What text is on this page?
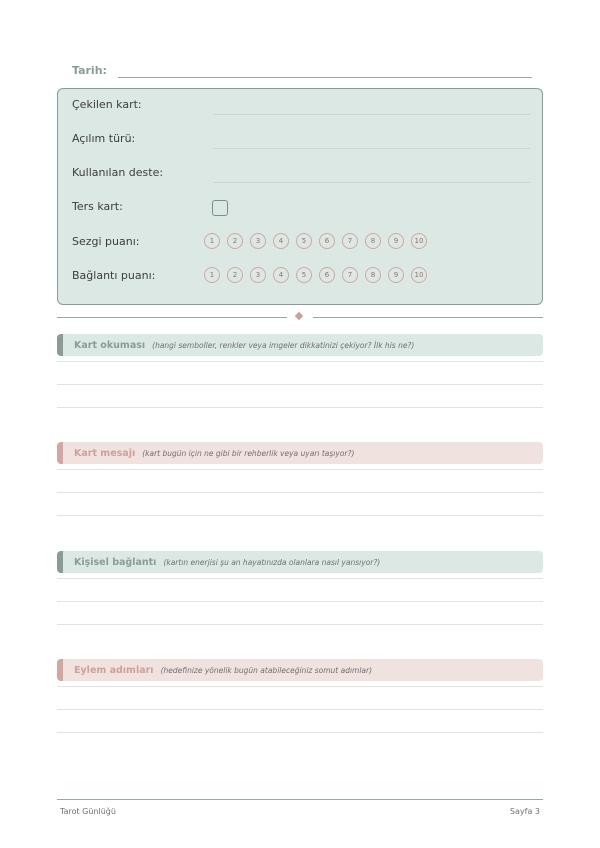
Tarih:
Çekilen kart:
Açılım türü:
Kullanılan deste:
Ters kart:
Sezgi puanı:	1	2	3	4	5	6	7	8	9	10
Bağlantı puanı:	1	2	3	4	5	6	7	8	9	10
Kart okuması (hangi semboller, renkler veya imgeler dikkatinizi çekiyor? İlk his ne?)
Kart mesajı (kart bugün için ne gibi bir rehberlik veya uyarı taşıyor?)
Kişisel bağlantı (kartın enerjisi şu an hayatınızda olanlara nasıl yansıyor?)
Eylem adımları (hedefinize yönelik bugün atabileceğiniz somut adımlar)
Tarot Günlüğü	Sayfa 3
